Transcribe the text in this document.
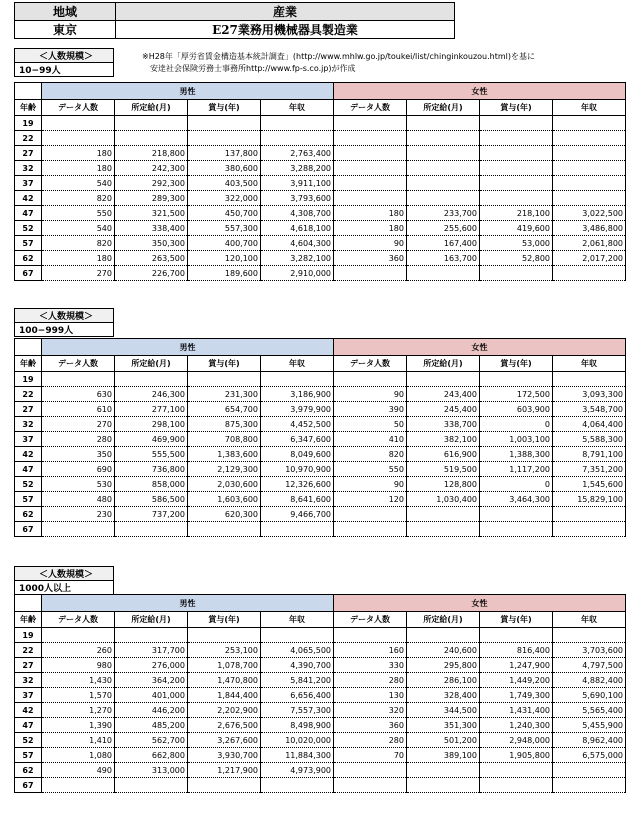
地域	産業
東京	E27業務用機械器具製造業
※H28年「厚労省賃金構造基本統計調査」(http://www.mhlw.go.jp/toukei/list/chinginkouzou.html)を基に
　安逹社会保険労務士事務所http://www.fp-s.co.jp)が作成
＜人数規模＞
10−99人
	男性				女性			
年齢	データ人数	所定給(月)	賞与(年)	年収	データ人数	所定給(月)	賞与(年)	年収
19								
22								
27	180	218,800	137,800	2,763,400				
32	180	242,300	380,600	3,288,200				
37	540	292,300	403,500	3,911,100				
42	820	289,300	322,000	3,793,600				
47	550	321,500	450,700	4,308,700	180	233,700	218,100	3,022,500
52	540	338,400	557,300	4,618,100	180	255,600	419,600	3,486,800
57	820	350,300	400,700	4,604,300	90	167,400	53,000	2,061,800
62	180	263,500	120,100	3,282,100	360	163,700	52,800	2,017,200
67	270	226,700	189,600	2,910,000				
＜人数規模＞
100−999人
	男性				女性			
年齢	データ人数	所定給(月)	賞与(年)	年収	データ人数	所定給(月)	賞与(年)	年収
19								
22	630	246,300	231,300	3,186,900	90	243,400	172,500	3,093,300
27	610	277,100	654,700	3,979,900	390	245,400	603,900	3,548,700
32	270	298,100	875,300	4,452,500	50	338,700	0	4,064,400
37	280	469,900	708,800	6,347,600	410	382,100	1,003,100	5,588,300
42	350	555,500	1,383,600	8,049,600	820	616,900	1,388,300	8,791,100
47	690	736,800	2,129,300	10,970,900	550	519,500	1,117,200	7,351,200
52	530	858,000	2,030,600	12,326,600	90	128,800	0	1,545,600
57	480	586,500	1,603,600	8,641,600	120	1,030,400	3,464,300	15,829,100
62	230	737,200	620,300	9,466,700				
67								
＜人数規模＞
1000人以上
	男性				女性			
年齢	データ人数	所定給(月)	賞与(年)	年収	データ人数	所定給(月)	賞与(年)	年収
19								
22	260	317,700	253,100	4,065,500	160	240,600	816,400	3,703,600
27	980	276,000	1,078,700	4,390,700	330	295,800	1,247,900	4,797,500
32	1,430	364,200	1,470,800	5,841,200	280	286,100	1,449,200	4,882,400
37	1,570	401,000	1,844,400	6,656,400	130	328,400	1,749,300	5,690,100
42	1,270	446,200	2,202,900	7,557,300	320	344,500	1,431,400	5,565,400
47	1,390	485,200	2,676,500	8,498,900	360	351,300	1,240,300	5,455,900
52	1,410	562,700	3,267,600	10,020,000	280	501,200	2,948,000	8,962,400
57	1,080	662,800	3,930,700	11,884,300	70	389,100	1,905,800	6,575,000
62	490	313,000	1,217,900	4,973,900				
67								
